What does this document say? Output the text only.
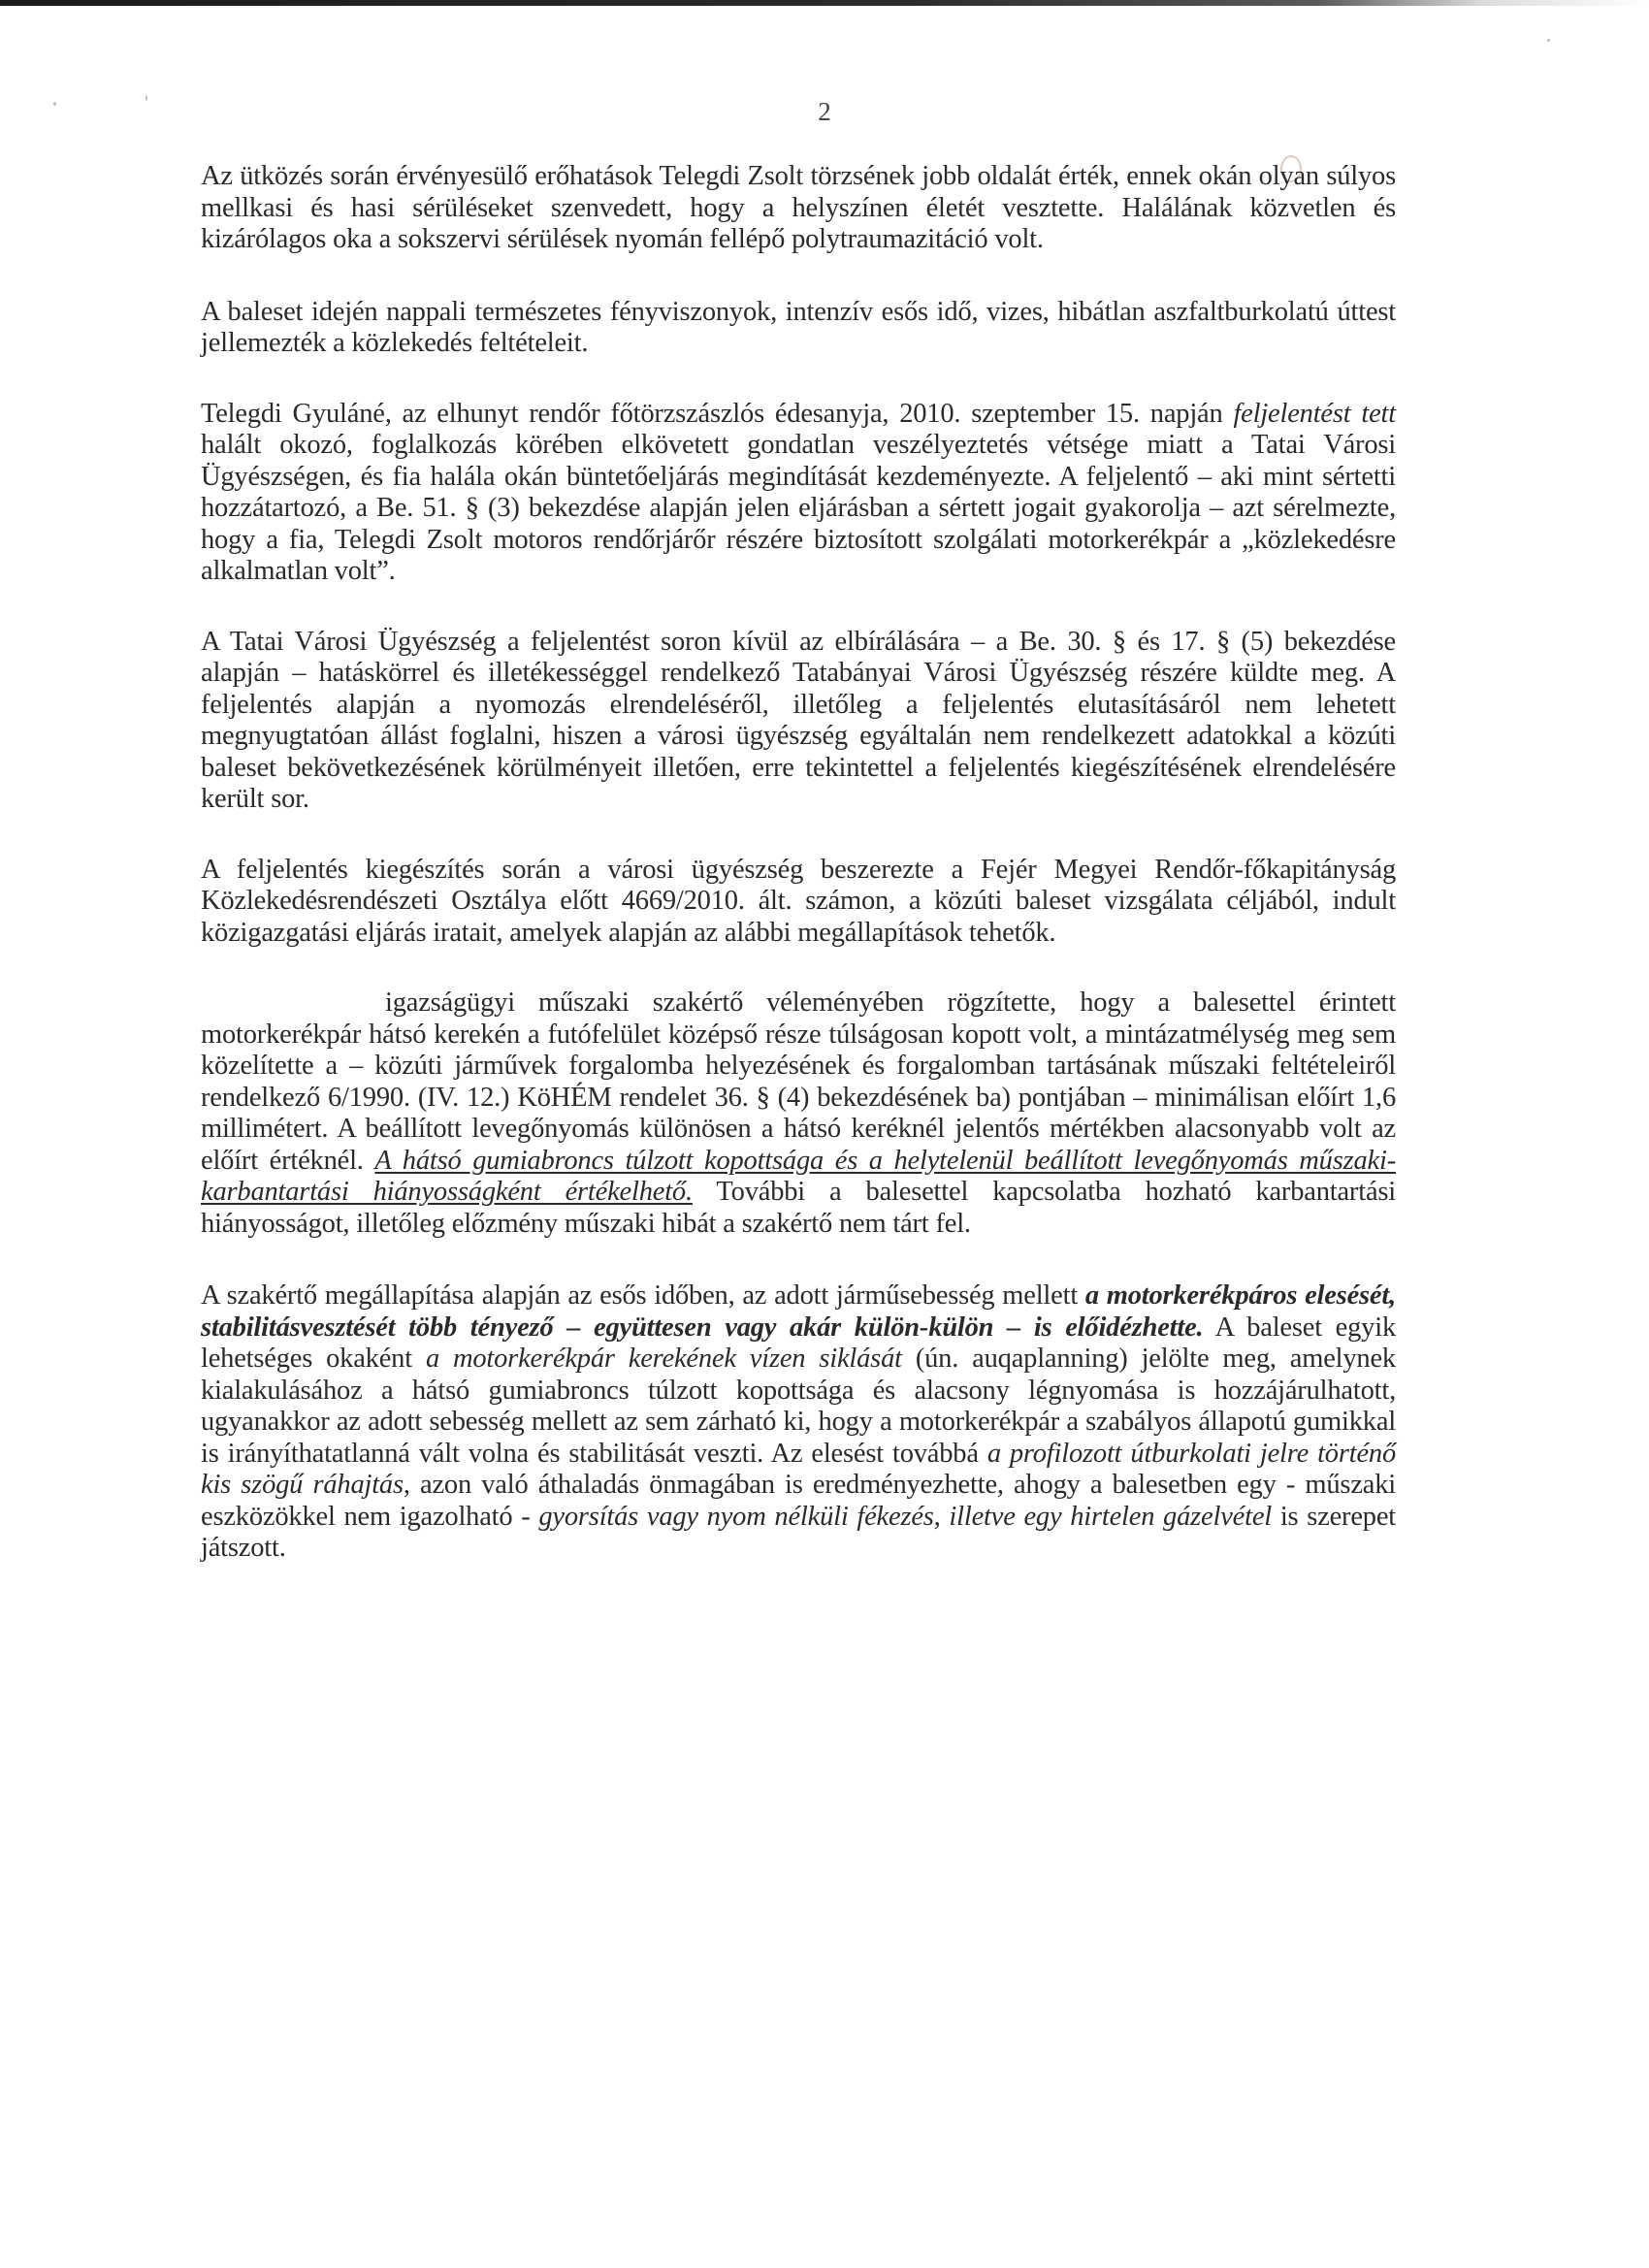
2

Az ütközés során érvényesülő erőhatások Telegdi Zsolt törzsének jobb oldalát érték, ennek okán olyan súlyos mellkasi és hasi sérüléseket szenvedett, hogy a helyszínen életét vesztette. Halálának közvetlen és kizárólagos oka a sokszervi sérülések nyomán fellépő polytraumazitáció volt.

A baleset idején nappali természetes fényviszonyok, intenzív esős idő, vizes, hibátlan aszfaltburkolatú úttest jellemezték a közlekedés feltételeit.

Telegdi Gyuláné, az elhunyt rendőr főtörzszászlós édesanyja, 2010. szeptember 15. napján feljelentést tett halált okozó, foglalkozás körében elkövetett gondatlan veszélyeztetés vétsége miatt a Tatai Városi Ügyészségen, és fia halála okán büntetőeljárás megindítását kezdeményezte. A feljelentő – aki mint sértetti hozzátartozó, a Be. 51. § (3) bekezdése alapján jelen eljárásban a sértett jogait gyakorolja – azt sérelmezte, hogy a fia, Telegdi Zsolt motoros rendőrjárőr részére biztosított szolgálati motorkerékpár a „közlekedésre alkalmatlan volt”.

A Tatai Városi Ügyészség a feljelentést soron kívül az elbírálására – a Be. 30. § és 17. § (5) bekezdése alapján – hatáskörrel és illetékességgel rendelkező Tatabányai Városi Ügyészség részére küldte meg. A feljelentés alapján a nyomozás elrendeléséről, illetőleg a feljelentés elutasításáról nem lehetett megnyugtatóan állást foglalni, hiszen a városi ügyészség egyáltalán nem rendelkezett adatokkal a közúti baleset bekövetkezésének körülményeit illetően, erre tekintettel a feljelentés kiegészítésének elrendelésére került sor.

A feljelentés kiegészítés során a városi ügyészség beszerezte a Fejér Megyei Rendőr-főkapitányság Közlekedésrendészeti Osztálya előtt 4669/2010. ált. számon, a közúti baleset vizsgálata céljából, indult közigazgatási eljárás iratait, amelyek alapján az alábbi megállapítások tehetők.

igazságügyi műszaki szakértő véleményében rögzítette, hogy a balesettel érintett motorkerékpár hátsó kerekén a futófelület középső része túlságosan kopott volt, a mintázatmélység meg sem közelítette a – közúti járművek forgalomba helyezésének és forgalomban tartásának műszaki feltételeiről rendelkező 6/1990. (IV. 12.) KöHÉM rendelet 36. § (4) bekezdésének ba) pontjában – minimálisan előírt 1,6 millimétert. A beállított levegőnyomás különösen a hátsó keréknél jelentős mértékben alacsonyabb volt az előírt értéknél. A hátsó gumiabroncs túlzott kopottsága és a helytelenül beállított levegőnyomás műszaki-karbantartási hiányosságként értékelhető. További a balesettel kapcsolatba hozható karbantartási hiányosságot, illetőleg előzmény műszaki hibát a szakértő nem tárt fel.

A szakértő megállapítása alapján az esős időben, az adott járműsebesség mellett a motorkerékpáros elesését, stabilitásvesztését több tényező – együttesen vagy akár külön-külön – is előidézhette. A baleset egyik lehetséges okaként a motorkerékpár kerekének vízen siklását (ún. auqaplanning) jelölte meg, amelynek kialakulásához a hátsó gumiabroncs túlzott kopottsága és alacsony légnyomása is hozzájárulhatott, ugyanakkor az adott sebesség mellett az sem zárható ki, hogy a motorkerékpár a szabályos állapotú gumikkal is irányíthatatlanná vált volna és stabilitását veszti. Az elesést továbbá a profilozott útburkolati jelre történő kis szögű ráhajtás, azon való áthaladás önmagában is eredményezhette, ahogy a balesetben egy - műszaki eszközökkel nem igazolható - gyorsítás vagy nyom nélküli fékezés, illetve egy hirtelen gázelvétel is szerepet játszott.
